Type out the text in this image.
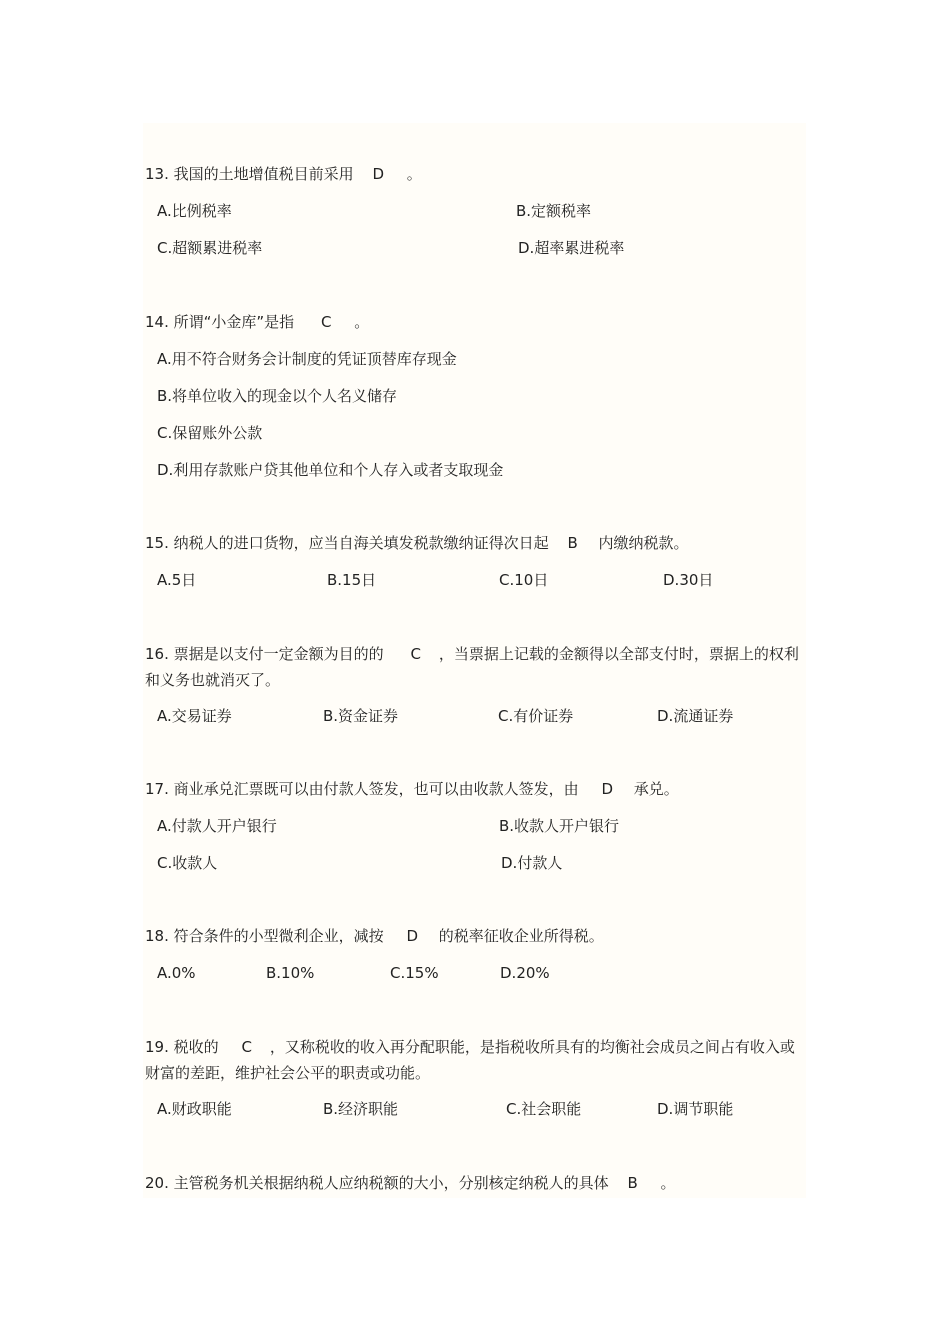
13. 我国的土地增值税目前采用 D 。
A.比例税率	B.定额税率
C.超额累进税率	D.超率累进税率
14. 所谓“小金库”是指 C 。
A.用不符合财务会计制度的凭证顶替库存现金
B.将单位收入的现金以个人名义储存
C.保留账外公款
D.利用存款账户贷其他单位和个人存入或者支取现金
15. 纳税人的进口货物，应当自海关填发税款缴纳证得次日起 B 内缴纳税款。
A.5日	B.15日	C.10日	D.30日
16. 票据是以支付一定金额为目的的 C ，当票据上记载的金额得以全部支付时，票据上的权利和义务也就消灭了。
A.交易证券	B.资金证券	C.有价证券	D.流通证券
17. 商业承兑汇票既可以由付款人签发，也可以由收款人签发，由 D 承兑。
A.付款人开户银行	B.收款人开户银行
C.收款人	D.付款人
18. 符合条件的小型微利企业，减按 D 的税率征收企业所得税。
A.0%	B.10%	C.15%	D.20%
19. 税收的 C ，又称税收的收入再分配职能，是指税收所具有的均衡社会成员之间占有收入或财富的差距，维护社会公平的职责或功能。
A.财政职能	B.经济职能	C.社会职能	D.调节职能
20. 主管税务机关根据纳税人应纳税额的大小，分别核定纳税人的具体 B 。
